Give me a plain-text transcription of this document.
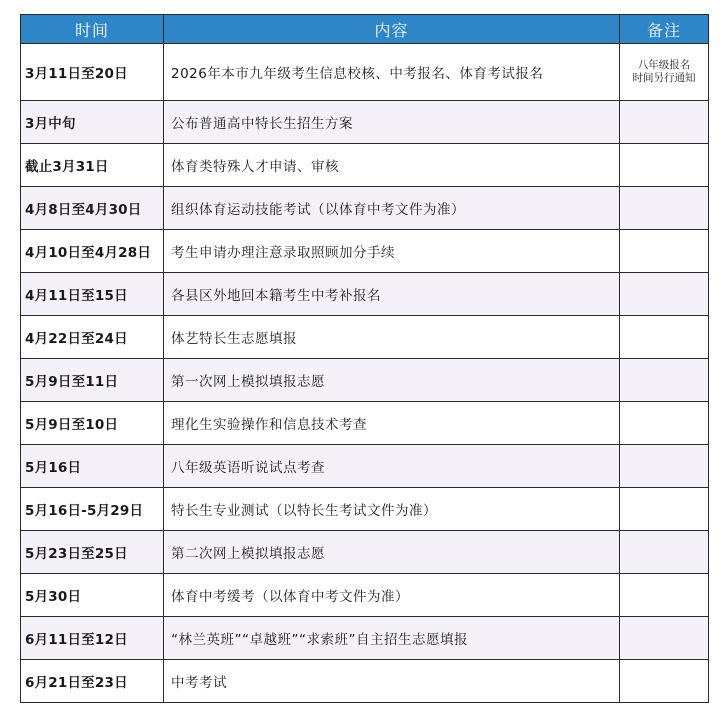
时间	内容	备注
3月11日至20日	2026年本市九年级考生信息校核、中考报名、体育考试报名	八年级报名
时间另行通知

3月中旬	公布普通高中特长生招生方案	
截止3月31日	体育类特殊人才申请、审核	
4月8日至4月30日	组织体育运动技能考试（以体育中考文件为准）	
4月10日至4月28日	考生申请办理注意录取照顾加分手续	
4月11日至15日	各县区外地回本籍考生中考补报名	
4月22日至24日	体艺特长生志愿填报	
5月9日至11日	第一次网上模拟填报志愿	
5月9日至10日	理化生实验操作和信息技术考查	
5月16日	八年级英语听说试点考查	
5月16日-5月29日	特长生专业测试（以特长生考试文件为准）	
5月23日至25日	第二次网上模拟填报志愿	
5月30日	体育中考缓考（以体育中考文件为准）	
6月11日至12日	“林兰英班”“卓越班”“求索班”自主招生志愿填报	
6月21日至23日	中考考试	
